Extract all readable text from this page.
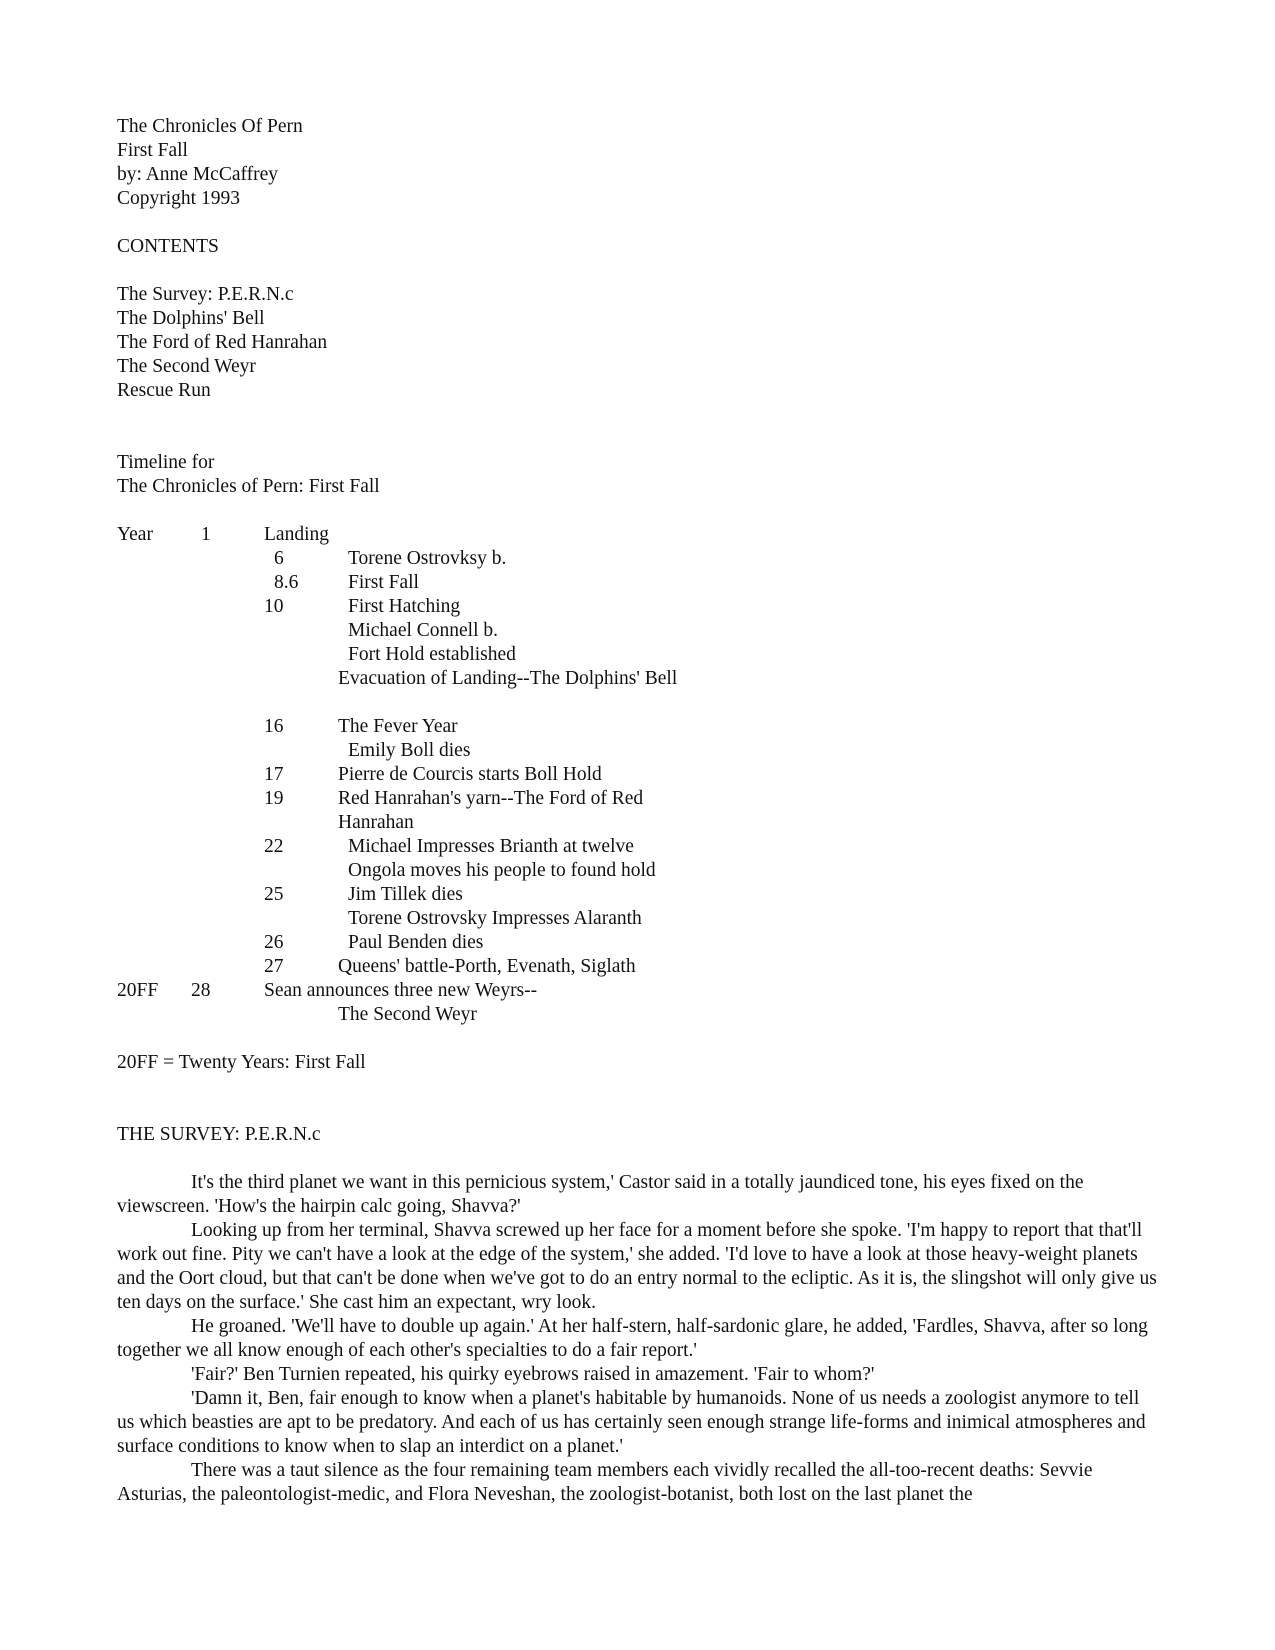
The Chronicles Of Pern
First Fall
by: Anne McCaffrey
Copyright 1993
CONTENTS
The Survey: P.E.R.N.c
The Dolphins' Bell
The Ford of Red Hanrahan
The Second Weyr
Rescue Run
Timeline for
The Chronicles of Pern: First Fall
Year 1	Landing
6	Torene Ostrovksy b.
8.6	First Fall
10	First Hatching
Michael Connell b.
Fort Hold established
Evacuation of Landing--The Dolphins' Bell
16	The Fever Year
Emily Boll dies
17	Pierre de Courcis starts Boll Hold
19	Red Hanrahan's yarn--The Ford of Red
Hanrahan
22	Michael Impresses Brianth at twelve
Ongola moves his people to found hold
25	Jim Tillek dies
Torene Ostrovsky Impresses Alaranth
26	Paul Benden dies
27	Queens' battle-Porth, Evenath, Siglath
20FF 28	Sean announces three new Weyrs--
The Second Weyr
20FF = Twenty Years: First Fall
THE SURVEY: P.E.R.N.c

It's the third planet we want in this pernicious system,' Castor said in a totally jaundiced tone, his eyes fixed on the viewscreen. 'How's the hairpin calc going, Shavva?'

Looking up from her terminal, Shavva screwed up her face for a moment before she spoke. 'I'm happy to report that that'll work out fine. Pity we can't have a look at the edge of the system,' she added. 'I'd love to have a look at those heavy-weight planets and the Oort cloud, but that can't be done when we've got to do an entry normal to the ecliptic. As it is, the slingshot will only give us ten days on the surface.' She cast him an expectant, wry look.

He groaned. 'We'll have to double up again.' At her half-stern, half-sardonic glare, he added, 'Fardles, Shavva, after so long together we all know enough of each other's specialties to do a fair report.'

'Fair?' Ben Turnien repeated, his quirky eyebrows raised in amazement. 'Fair to whom?'

'Damn it, Ben, fair enough to know when a planet's habitable by humanoids. None of us needs a zoologist anymore to tell us which beasties are apt to be predatory. And each of us has certainly seen enough strange life-forms and inimical atmospheres and surface conditions to know when to slap an interdict on a planet.'

There was a taut silence as the four remaining team members each vividly recalled the all-too-recent deaths: Sevvie Asturias, the paleontologist-medic, and Flora Neveshan, the zoologist-botanist, both lost on the last planet the
